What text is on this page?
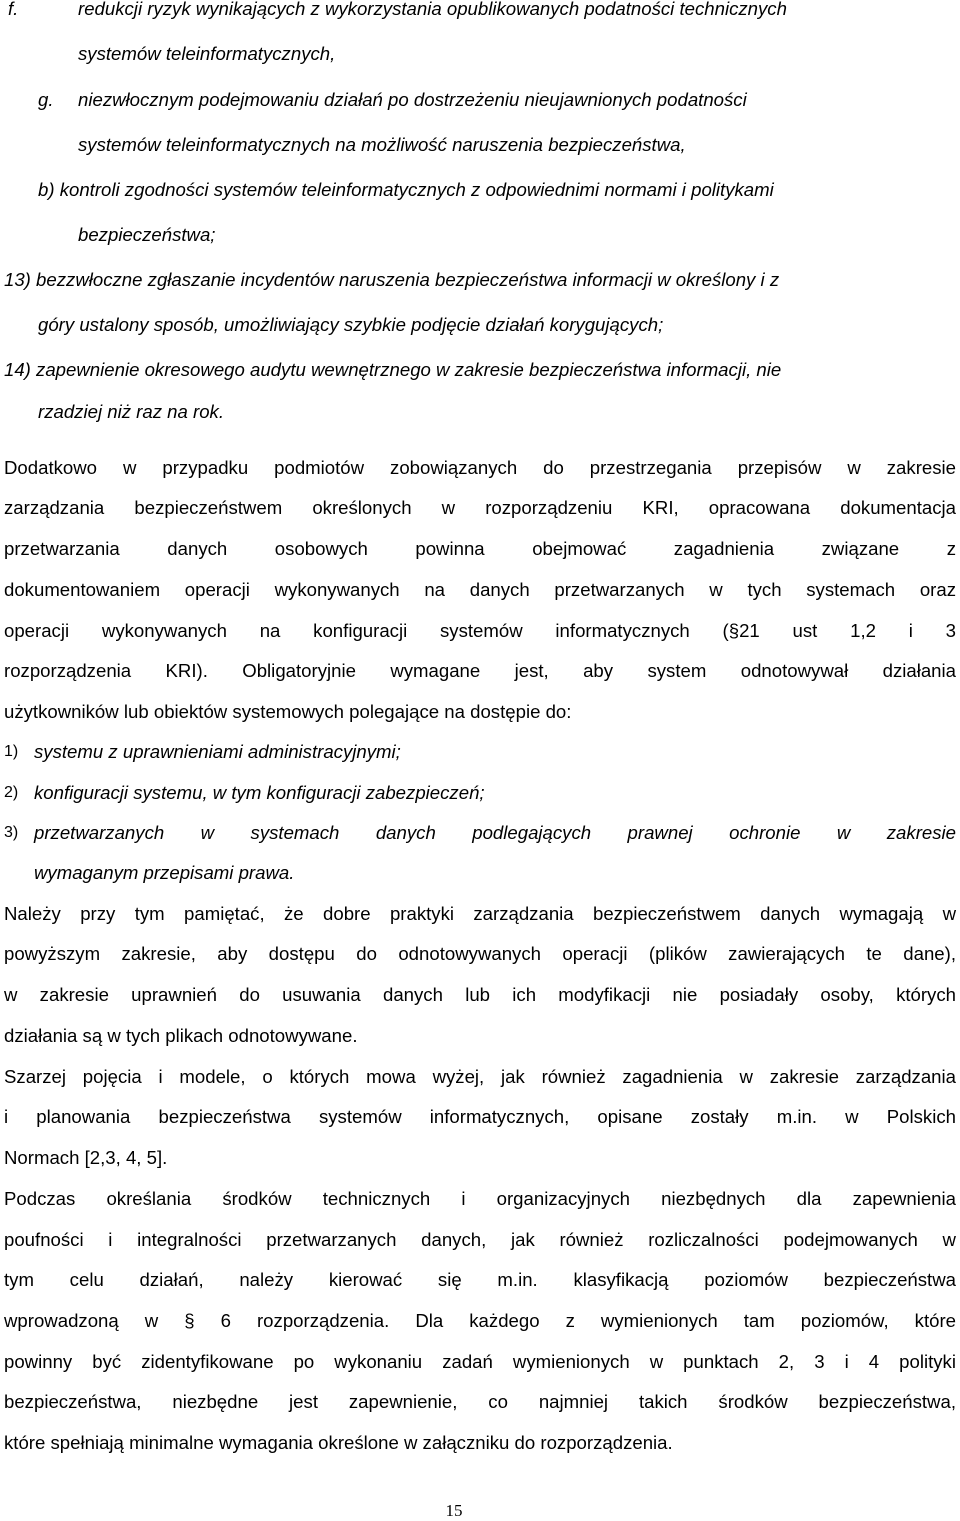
f.	redukcji ryzyk wynikających z wykorzystania opublikowanych podatności technicznych
systemów teleinformatycznych,
g. niezwłocznym podejmowaniu działań po dostrzeżeniu nieujawnionych podatności
systemów teleinformatycznych na możliwość naruszenia bezpieczeństwa,
b) kontroli zgodności systemów teleinformatycznych z odpowiednimi normami i politykami
bezpieczeństwa;
13) bezzwłoczne zgłaszanie incydentów naruszenia bezpieczeństwa informacji w określony i z
góry ustalony sposób, umożliwiający szybkie podjęcie działań korygujących;
14) zapewnienie okresowego audytu wewnętrznego w zakresie bezpieczeństwa informacji, nie
rzadziej niż raz na rok.
Dodatkowo w przypadku podmiotów zobowiązanych do przestrzegania przepisów w zakresie
zarządzania bezpieczeństwem określonych w rozporządzeniu KRI, opracowana dokumentacja
przetwarzania danych osobowych powinna obejmować zagadnienia związane z
dokumentowaniem operacji wykonywanych na danych przetwarzanych w tych systemach oraz
operacji wykonywanych na konfiguracji systemów informatycznych (§21 ust 1,2 i 3
rozporządzenia KRI). Obligatoryjnie wymagane jest, aby system odnotowywał działania
użytkowników lub obiektów systemowych polegające na dostępie do:
1) systemu z uprawnieniami administracyjnymi;
2) konfiguracji systemu, w tym konfiguracji zabezpieczeń;
3) przetwarzanych w systemach danych podlegających prawnej ochronie w zakresie
wymaganym przepisami prawa.
Należy przy tym pamiętać, że dobre praktyki zarządzania bezpieczeństwem danych wymagają w
powyższym zakresie, aby dostępu do odnotowywanych operacji (plików zawierających te dane),
w zakresie uprawnień do usuwania danych lub ich modyfikacji nie posiadały osoby, których
działania są w tych plikach odnotowywane.
Szarzej pojęcia i modele, o których mowa wyżej, jak również zagadnienia w zakresie zarządzania
i planowania bezpieczeństwa systemów informatycznych, opisane zostały m.in. w Polskich
Normach [2,3, 4, 5].
Podczas określania środków technicznych i organizacyjnych niezbędnych dla zapewnienia
poufności i integralności przetwarzanych danych, jak również rozliczalności podejmowanych w
tym celu działań, należy kierować się m.in. klasyfikacją poziomów bezpieczeństwa
wprowadzoną w § 6 rozporządzenia. Dla każdego z wymienionych tam poziomów, które
powinny być zidentyfikowane po wykonaniu zadań wymienionych w punktach 2, 3 i 4 polityki
bezpieczeństwa, niezbędne jest zapewnienie, co najmniej takich środków bezpieczeństwa,
które spełniają minimalne wymagania określone w załączniku do rozporządzenia.
15
